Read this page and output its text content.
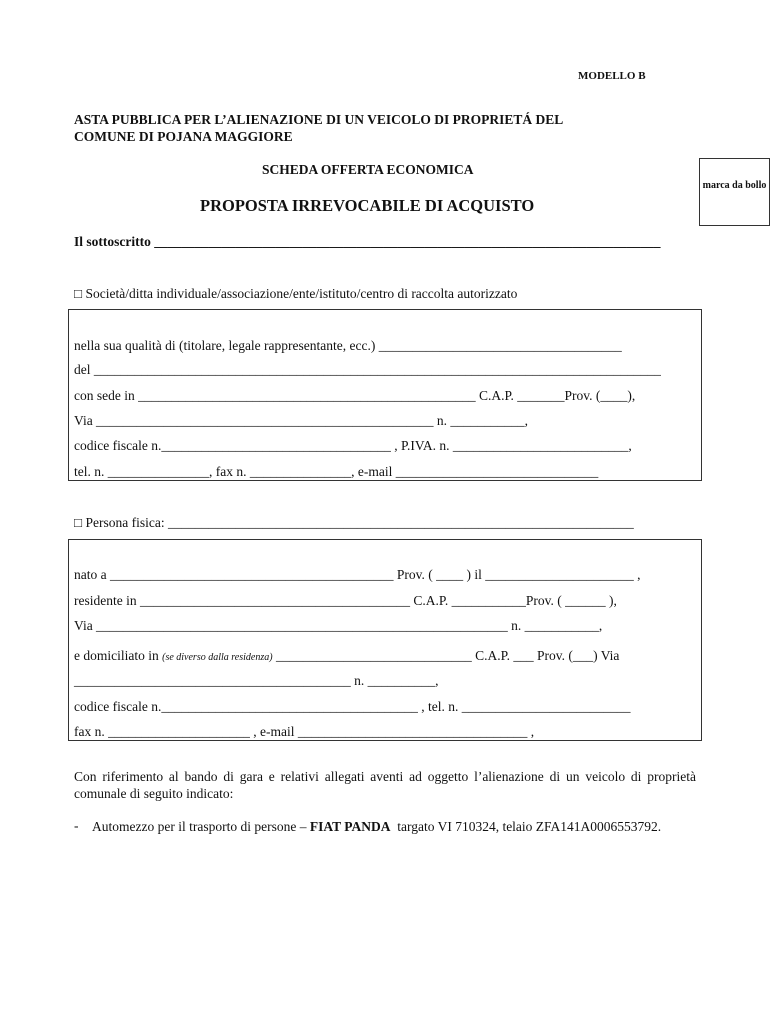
MODELLO B
ASTA PUBBLICA PER L’ALIENAZIONE DI UN VEICOLO DI PROPRIETÁ DEL
COMUNE DI POJANA MAGGIORE
SCHEDA OFFERTA ECONOMICA
PROPOSTA IRREVOCABILE DI ACQUISTO
marca da bollo
Il sottoscritto ___________________________________________________________________________
□ Società/ditta individuale/associazione/ente/istituto/centro di raccolta autorizzato
nella sua qualità di (titolare, legale rappresentante, ecc.) ____________________________________
del ____________________________________________________________________________________
con sede in __________________________________________________ C.A.P. _______Prov. (____),
Via __________________________________________________ n. ___________,
codice fiscale n.__________________________________ , P.IVA. n. __________________________,
tel. n. _______________, fax n. _______________, e-mail ______________________________
□ Persona fisica: _____________________________________________________________________
nato a __________________________________________ Prov. ( ____ ) il ______________________ ,
residente in ________________________________________ C.A.P. ___________Prov. ( ______ ),
Via _____________________________________________________________ n. ___________,
e domiciliato in (se diverso dalla residenza) _____________________________ C.A.P. ___ Prov. (___) Via
_________________________________________ n. __________,
codice fiscale n.______________________________________ , tel. n. _________________________
fax n. _____________________ , e-mail __________________________________ ,
Con riferimento al bando di gara e relativi allegati aventi ad oggetto l’alienazione di un veicolo di proprietà comunale di seguito indicato:
- Automezzo per il trasporto di persone – FIAT PANDA  targato VI 710324, telaio ZFA141A0006553792.
